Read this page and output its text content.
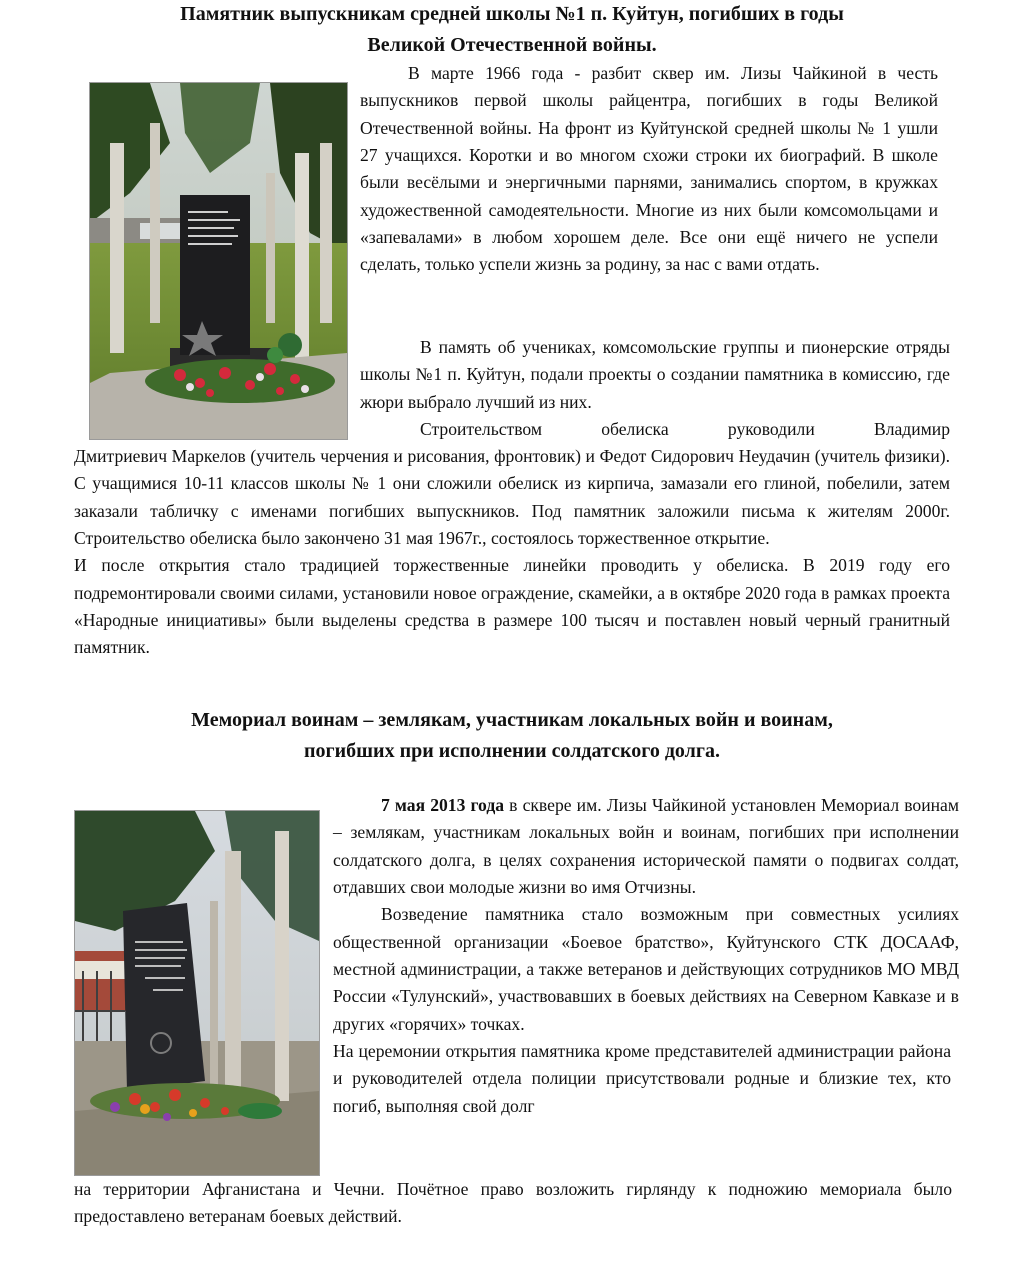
Памятник выпускникам средней школы №1 п. Куйтун, погибших в годы
Великой Отечественной войны.

В марте 1966 года - разбит сквер им. Лизы Чайкиной в честь выпускников первой школы райцентра, погибших в годы Великой Отечественной войны. На фронт из Куйтунской средней школы № 1 ушли 27 учащихся. Коротки и во многом схожи строки их биографий. В школе были весёлыми и энергичными парнями, занимались спортом, в кружках художественной самодеятельности. Многие из них были комсомольцами и «запевалами» в любом хорошем деле. Все они ещё ничего не успели сделать, только успели жизнь за родину, за нас с вами отдать.

В память об учениках, комсомольские группы и пионерские отряды школы №1 п. Куйтун, подали проекты о создании памятника в комиссию, где жюри выбрало лучший из них.

Строительством обелиска руководили Владимир

Дмитриевич Маркелов (учитель черчения и рисования, фронтовик) и Федот Сидорович Неудачин (учитель физики). С учащимися 10-11 классов школы № 1 они сложили обелиск из кирпича, замазали его глиной, побелили, затем заказали табличку с именами погибших выпускников. Под памятник заложили письма к жителям 2000г. Строительство обелиска было закончено 31 мая 1967г., состоялось торжественное открытие.

И после открытия стало традицией торжественные линейки проводить у обелиска. В 2019 году его подремонтировали своими силами, установили новое ограждение, скамейки, а в октябре 2020 года в рамках проекта «Народные инициативы» были выделены средства в размере 100 тысяч и поставлен новый черный гранитный памятник.

Мемориал воинам – землякам, участникам локальных войн и воинам,
погибших при исполнении солдатского долга.

7 мая 2013 года в сквере им. Лизы Чайкиной установлен Мемориал воинам – землякам, участникам локальных войн и воинам, погибших при исполнении солдатского долга, в целях сохранения исторической памяти о подвигах солдат, отдавших свои молодые жизни во имя Отчизны.

Возведение памятника стало возможным при совместных усилиях общественной организации «Боевое братство», Куйтунского СТК ДОСААФ, местной администрации, а также ветеранов и действующих сотрудников МО МВД России «Тулунский», участвовавших в боевых действиях на Северном Кавказе и в других «горячих» точках.

На церемонии открытия памятника кроме представителей администрации района и руководителей отдела полиции присутствовали родные и близкие тех, кто погиб, выполняя свой долг

на территории Афганистана и Чечни. Почётное право возложить гирлянду к подножию мемориала было предоставлено ветеранам боевых действий.
